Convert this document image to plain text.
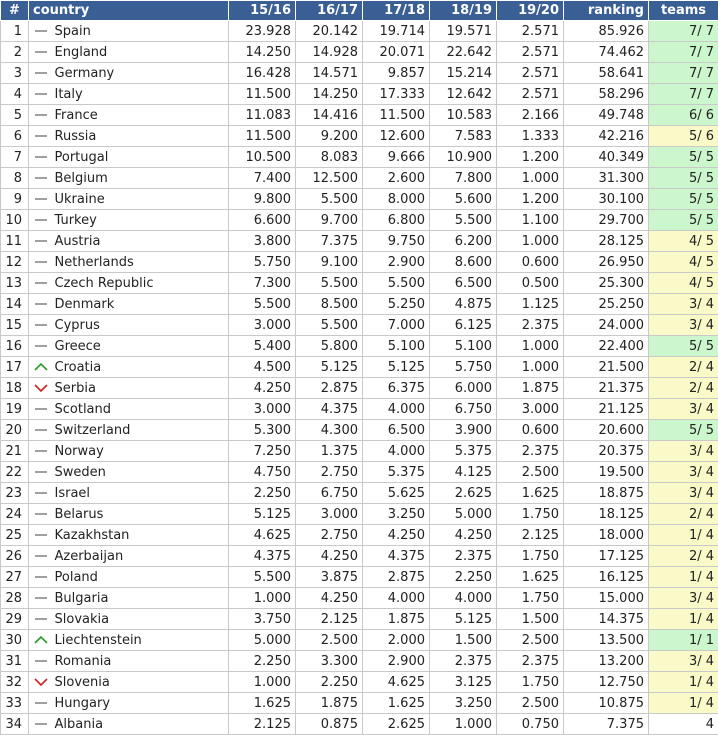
#	country		15/16	16/17	17/18	18/19	19/20	ranking	teams
1		Spain	23.928	20.142	19.714	19.571	2.571	85.926	7/ 7
2		England	14.250	14.928	20.071	22.642	2.571	74.462	7/ 7
3		Germany	16.428	14.571	9.857	15.214	2.571	58.641	7/ 7
4		Italy	11.500	14.250	17.333	12.642	2.571	58.296	7/ 7
5		France	11.083	14.416	11.500	10.583	2.166	49.748	6/ 6
6		Russia	11.500	9.200	12.600	7.583	1.333	42.216	5/ 6
7		Portugal	10.500	8.083	9.666	10.900	1.200	40.349	5/ 5
8		Belgium	7.400	12.500	2.600	7.800	1.000	31.300	5/ 5
9		Ukraine	9.800	5.500	8.000	5.600	1.200	30.100	5/ 5
10		Turkey	6.600	9.700	6.800	5.500	1.100	29.700	5/ 5
11		Austria	3.800	7.375	9.750	6.200	1.000	28.125	4/ 5
12		Netherlands	5.750	9.100	2.900	8.600	0.600	26.950	4/ 5
13		Czech Republic	7.300	5.500	5.500	6.500	0.500	25.300	4/ 5
14		Denmark	5.500	8.500	5.250	4.875	1.125	25.250	3/ 4
15		Cyprus	3.000	5.500	7.000	6.125	2.375	24.000	3/ 4
16		Greece	5.400	5.800	5.100	5.100	1.000	22.400	5/ 5
17		Croatia	4.500	5.125	5.125	5.750	1.000	21.500	2/ 4
18		Serbia	4.250	2.875	6.375	6.000	1.875	21.375	2/ 4
19		Scotland	3.000	4.375	4.000	6.750	3.000	21.125	3/ 4
20		Switzerland	5.300	4.300	6.500	3.900	0.600	20.600	5/ 5
21		Norway	7.250	1.375	4.000	5.375	2.375	20.375	3/ 4
22		Sweden	4.750	2.750	5.375	4.125	2.500	19.500	3/ 4
23		Israel	2.250	6.750	5.625	2.625	1.625	18.875	3/ 4
24		Belarus	5.125	3.000	3.250	5.000	1.750	18.125	2/ 4
25		Kazakhstan	4.625	2.750	4.250	4.250	2.125	18.000	1/ 4
26		Azerbaijan	4.375	4.250	4.375	2.375	1.750	17.125	2/ 4
27		Poland	5.500	3.875	2.875	2.250	1.625	16.125	1/ 4
28		Bulgaria	1.000	4.250	4.000	4.000	1.750	15.000	3/ 4
29		Slovakia	3.750	2.125	1.875	5.125	1.500	14.375	1/ 4
30		Liechtenstein	5.000	2.500	2.000	1.500	2.500	13.500	1/ 1
31		Romania	2.250	3.300	2.900	2.375	2.375	13.200	3/ 4
32		Slovenia	1.000	2.250	4.625	3.125	1.750	12.750	1/ 4
33		Hungary	1.625	1.875	1.625	3.250	2.500	10.875	1/ 4
34		Albania	2.125	0.875	2.625	1.000	0.750	7.375	4
